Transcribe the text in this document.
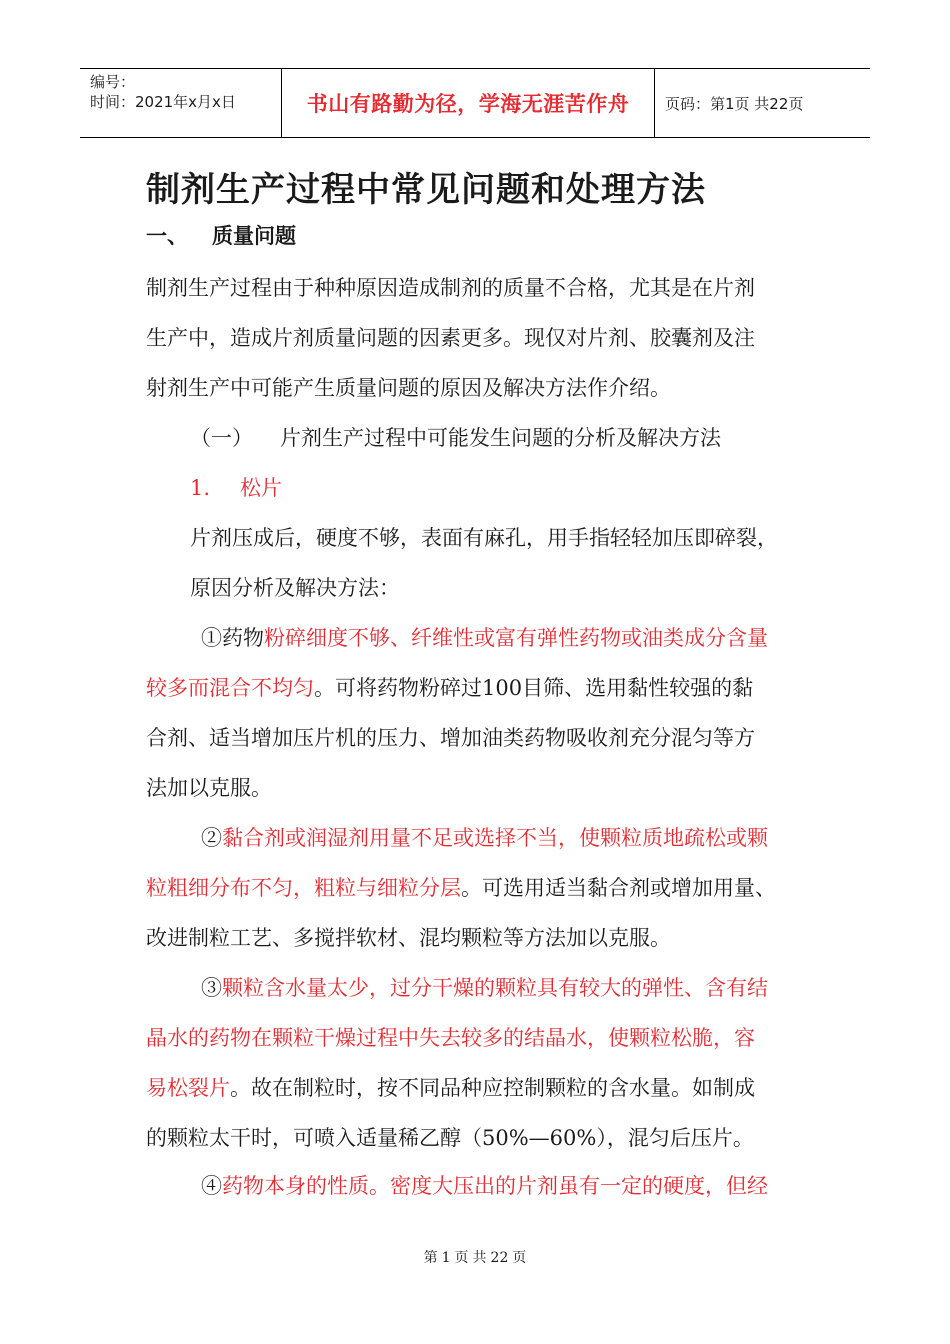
编号：
时间：2021年x月x日	书山有路勤为径，学海无涯苦作舟	页码：第1页 共22页
制剂生产过程中常见问题和处理方法
一、 质量问题
制剂生产过程由于种种原因造成制剂的质量不合格，尤其是在片剂
生产中，造成片剂质量问题的因素更多。现仅对片剂、胶囊剂及注
射剂生产中可能产生质量问题的原因及解决方法作介绍。
（一） 片剂生产过程中可能发生问题的分析及解决方法
1. 松片
片剂压成后，硬度不够，表面有麻孔，用手指轻轻加压即碎裂，
原因分析及解决方法：
①药物粉碎细度不够、纤维性或富有弹性药物或油类成分含量
较多而混合不均匀。可将药物粉碎过100目筛、选用黏性较强的黏
合剂、适当增加压片机的压力、增加油类药物吸收剂充分混匀等方
法加以克服。
②黏合剂或润湿剂用量不足或选择不当，使颗粒质地疏松或颗
粒粗细分布不匀，粗粒与细粒分层。可选用适当黏合剂或增加用量、
改进制粒工艺、多搅拌软材、混均颗粒等方法加以克服。
③颗粒含水量太少，过分干燥的颗粒具有较大的弹性、含有结
晶水的药物在颗粒干燥过程中失去较多的结晶水，使颗粒松脆，容
易松裂片。故在制粒时，按不同品种应控制颗粒的含水量。如制成
的颗粒太干时，可喷入适量稀乙醇（50%—60%），混匀后压片。
④药物本身的性质。密度大压出的片剂虽有一定的硬度，但经
第 1 页 共 22 页
